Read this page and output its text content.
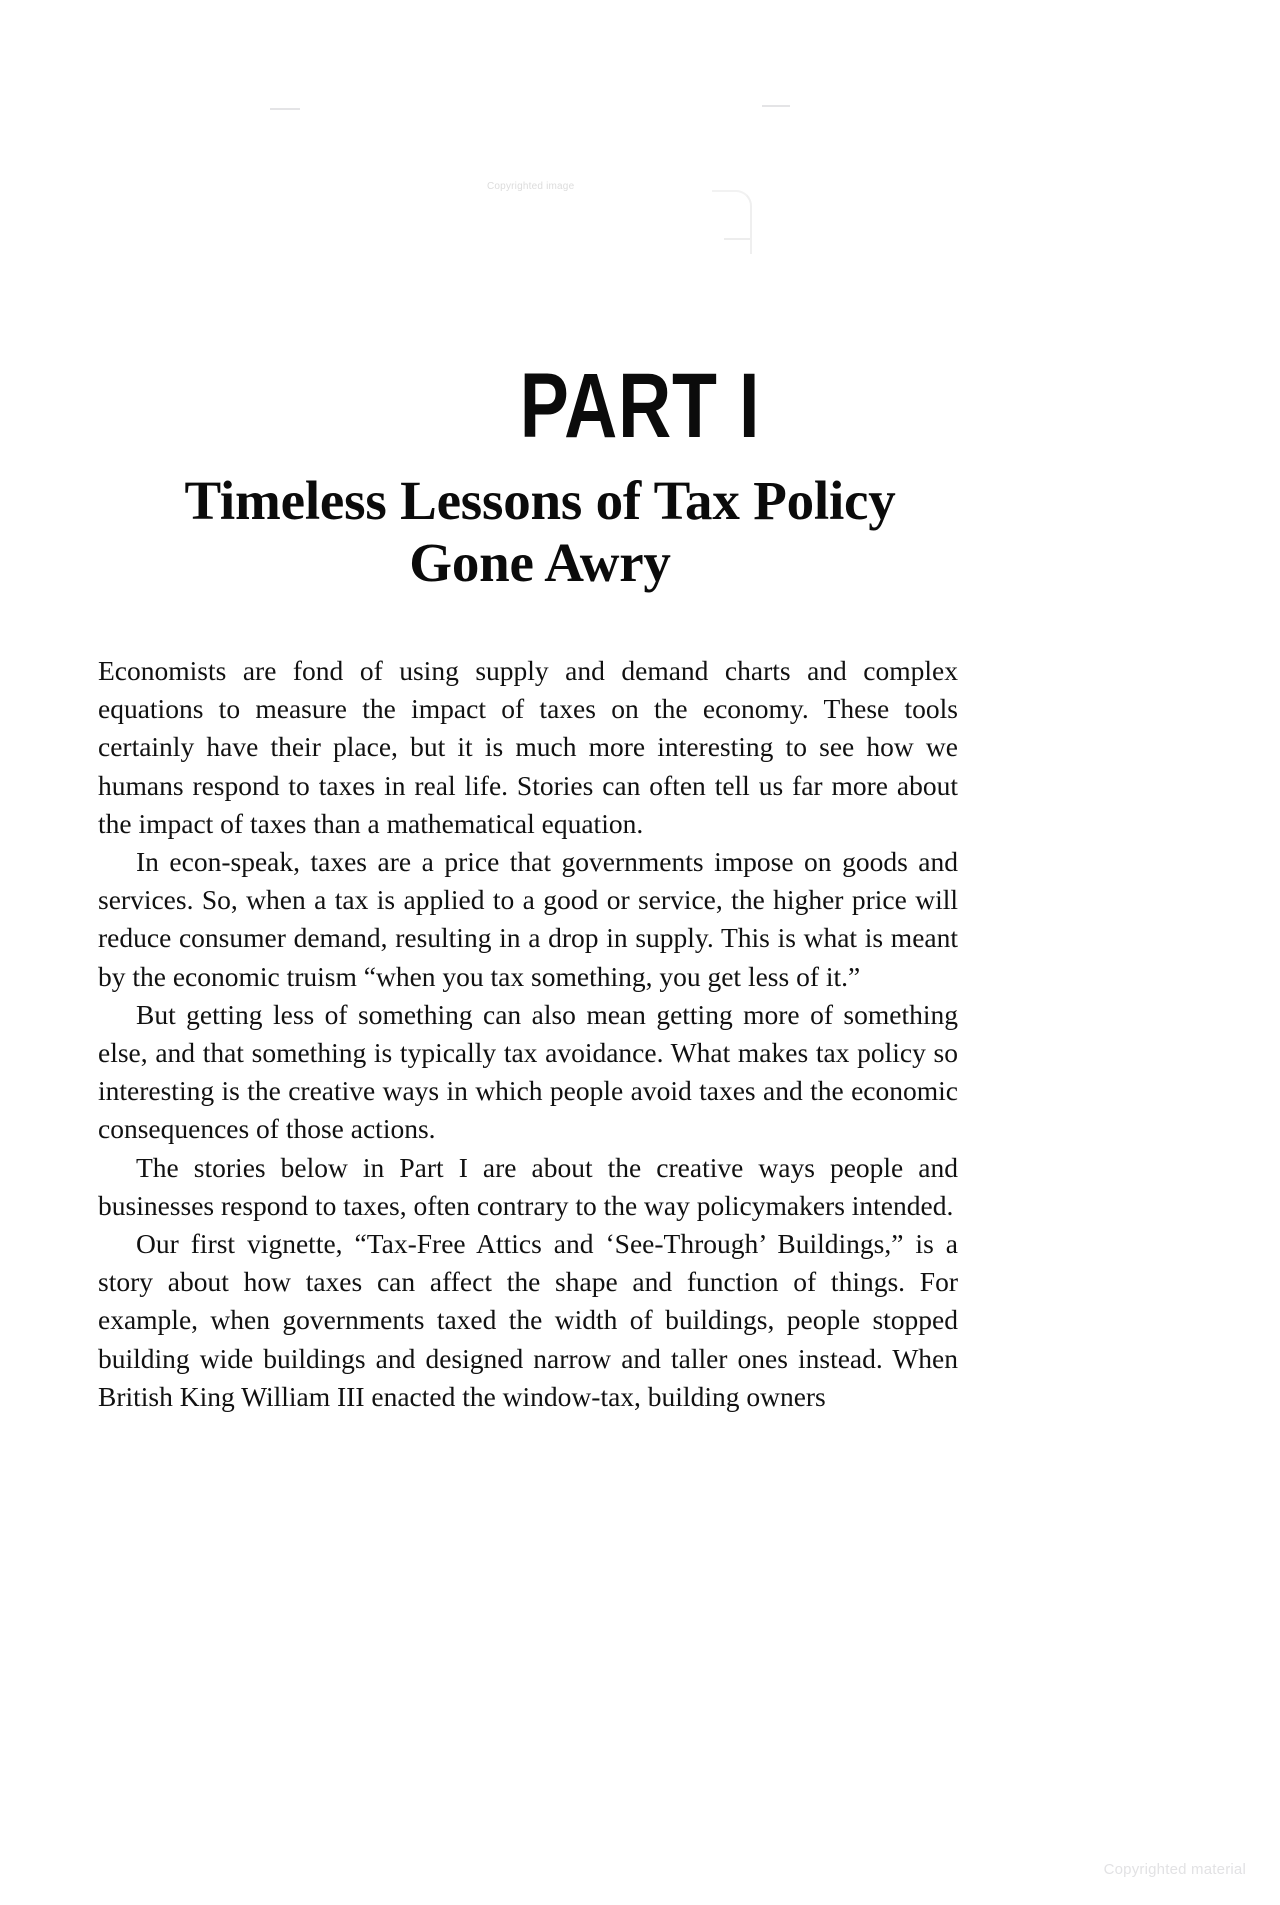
Copyrighted image
PART I
Timeless Lessons of Tax Policy Gone Awry

Economists are fond of using supply and demand charts and complex equations to measure the impact of taxes on the economy. These tools certainly have their place, but it is much more interesting to see how we humans respond to taxes in real life. Stories can often tell us far more about the impact of taxes than a mathematical equation.

In econ-speak, taxes are a price that governments impose on goods and services. So, when a tax is applied to a good or service, the higher price will reduce consumer demand, resulting in a drop in supply. This is what is meant by the economic truism “when you tax something, you get less of it.”

But getting less of something can also mean getting more of something else, and that something is typically tax avoidance. What makes tax policy so interesting is the creative ways in which people avoid taxes and the economic consequences of those actions.

The stories below in Part I are about the creative ways people and businesses respond to taxes, often contrary to the way policymakers intended.

Our first vignette, “Tax-Free Attics and ‘See-Through’ Buildings,” is a story about how taxes can affect the shape and function of things. For example, when governments taxed the width of buildings, people stopped building wide buildings and designed narrow and taller ones instead. When British King William III enacted the window-tax, building owners

Copyrighted material
